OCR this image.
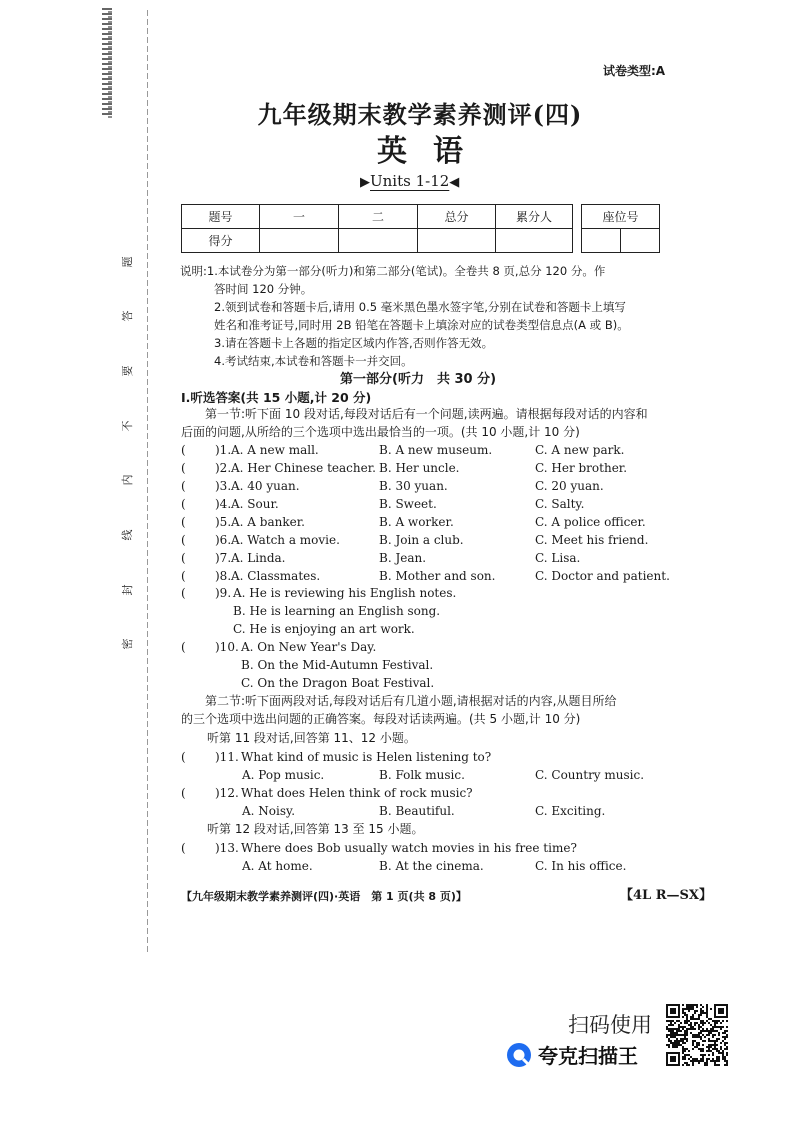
题
答
要
不
内
线
封
密
试卷类型:A
九年级期末教学素养测评(四)
英语
▶Units 1-12◀
题号	一	二	总分	累分人
得分				
座位号

说明:1.本试卷分为第一部分(听力)和第二部分(笔试)。全卷共 8 页,总分 120 分。作
答时间 120 分钟。
2.领到试卷和答题卡后,请用 0.5 毫米黑色墨水签字笔,分别在试卷和答题卡上填写
姓名和准考证号,同时用 2B 铅笔在答题卡上填涂对应的试卷类型信息点(A 或 B)。
3.请在答题卡上各题的指定区域内作答,否则作答无效。
4.考试结束,本试卷和答题卡一并交回。
第一部分(听力　共 30 分)
Ⅰ.听选答案(共 15 小题,计 20 分)
第一节:听下面 10 段对话,每段对话后有一个问题,读两遍。请根据每段对话的内容和
后面的问题,从所给的三个选项中选出最恰当的一项。(共 10 小题,计 10 分)
( )1. A. A new mall.	B. A new museum.	C. A new park.
( )2. A. Her Chinese teacher. B. Her uncle.	C. Her brother.
( )3. A. 40 yuan.	B. 30 yuan.	C. 20 yuan.
( )4. A. Sour.	B. Sweet.	C. Salty.
( )5. A. A banker.	B. A worker.	C. A police officer.
( )6. A. Watch a movie.	B. Join a club.	C. Meet his friend.
( )7. A. Linda.	B. Jean.	C. Lisa.
( )8. A. Classmates.	B. Mother and son.	C. Doctor and patient.
( )9. A. He is reviewing his English notes.
B. He is learning an English song.
C. He is enjoying an art work.
( )10. A. On New Year's Day.
B. On the Mid-Autumn Festival.
C. On the Dragon Boat Festival.
第二节:听下面两段对话,每段对话后有几道小题,请根据对话的内容,从题目所给
的三个选项中选出问题的正确答案。每段对话读两遍。(共 5 小题,计 10 分)
听第 11 段对话,回答第 11、12 小题。
( )11. What kind of music is Helen listening to?
A. Pop music.	B. Folk music.	C. Country music.
( )12. What does Helen think of rock music?
A. Noisy.	B. Beautiful.	C. Exciting.
听第 12 段对话,回答第 13 至 15 小题。
( )13. Where does Bob usually watch movies in his free time?
A. At home.	B. At the cinema.	C. In his office.
【九年级期末教学素养测评(四)·英语　第 1 页(共 8 页)】	【4L R—SX】
扫码使用
夸克扫描王
